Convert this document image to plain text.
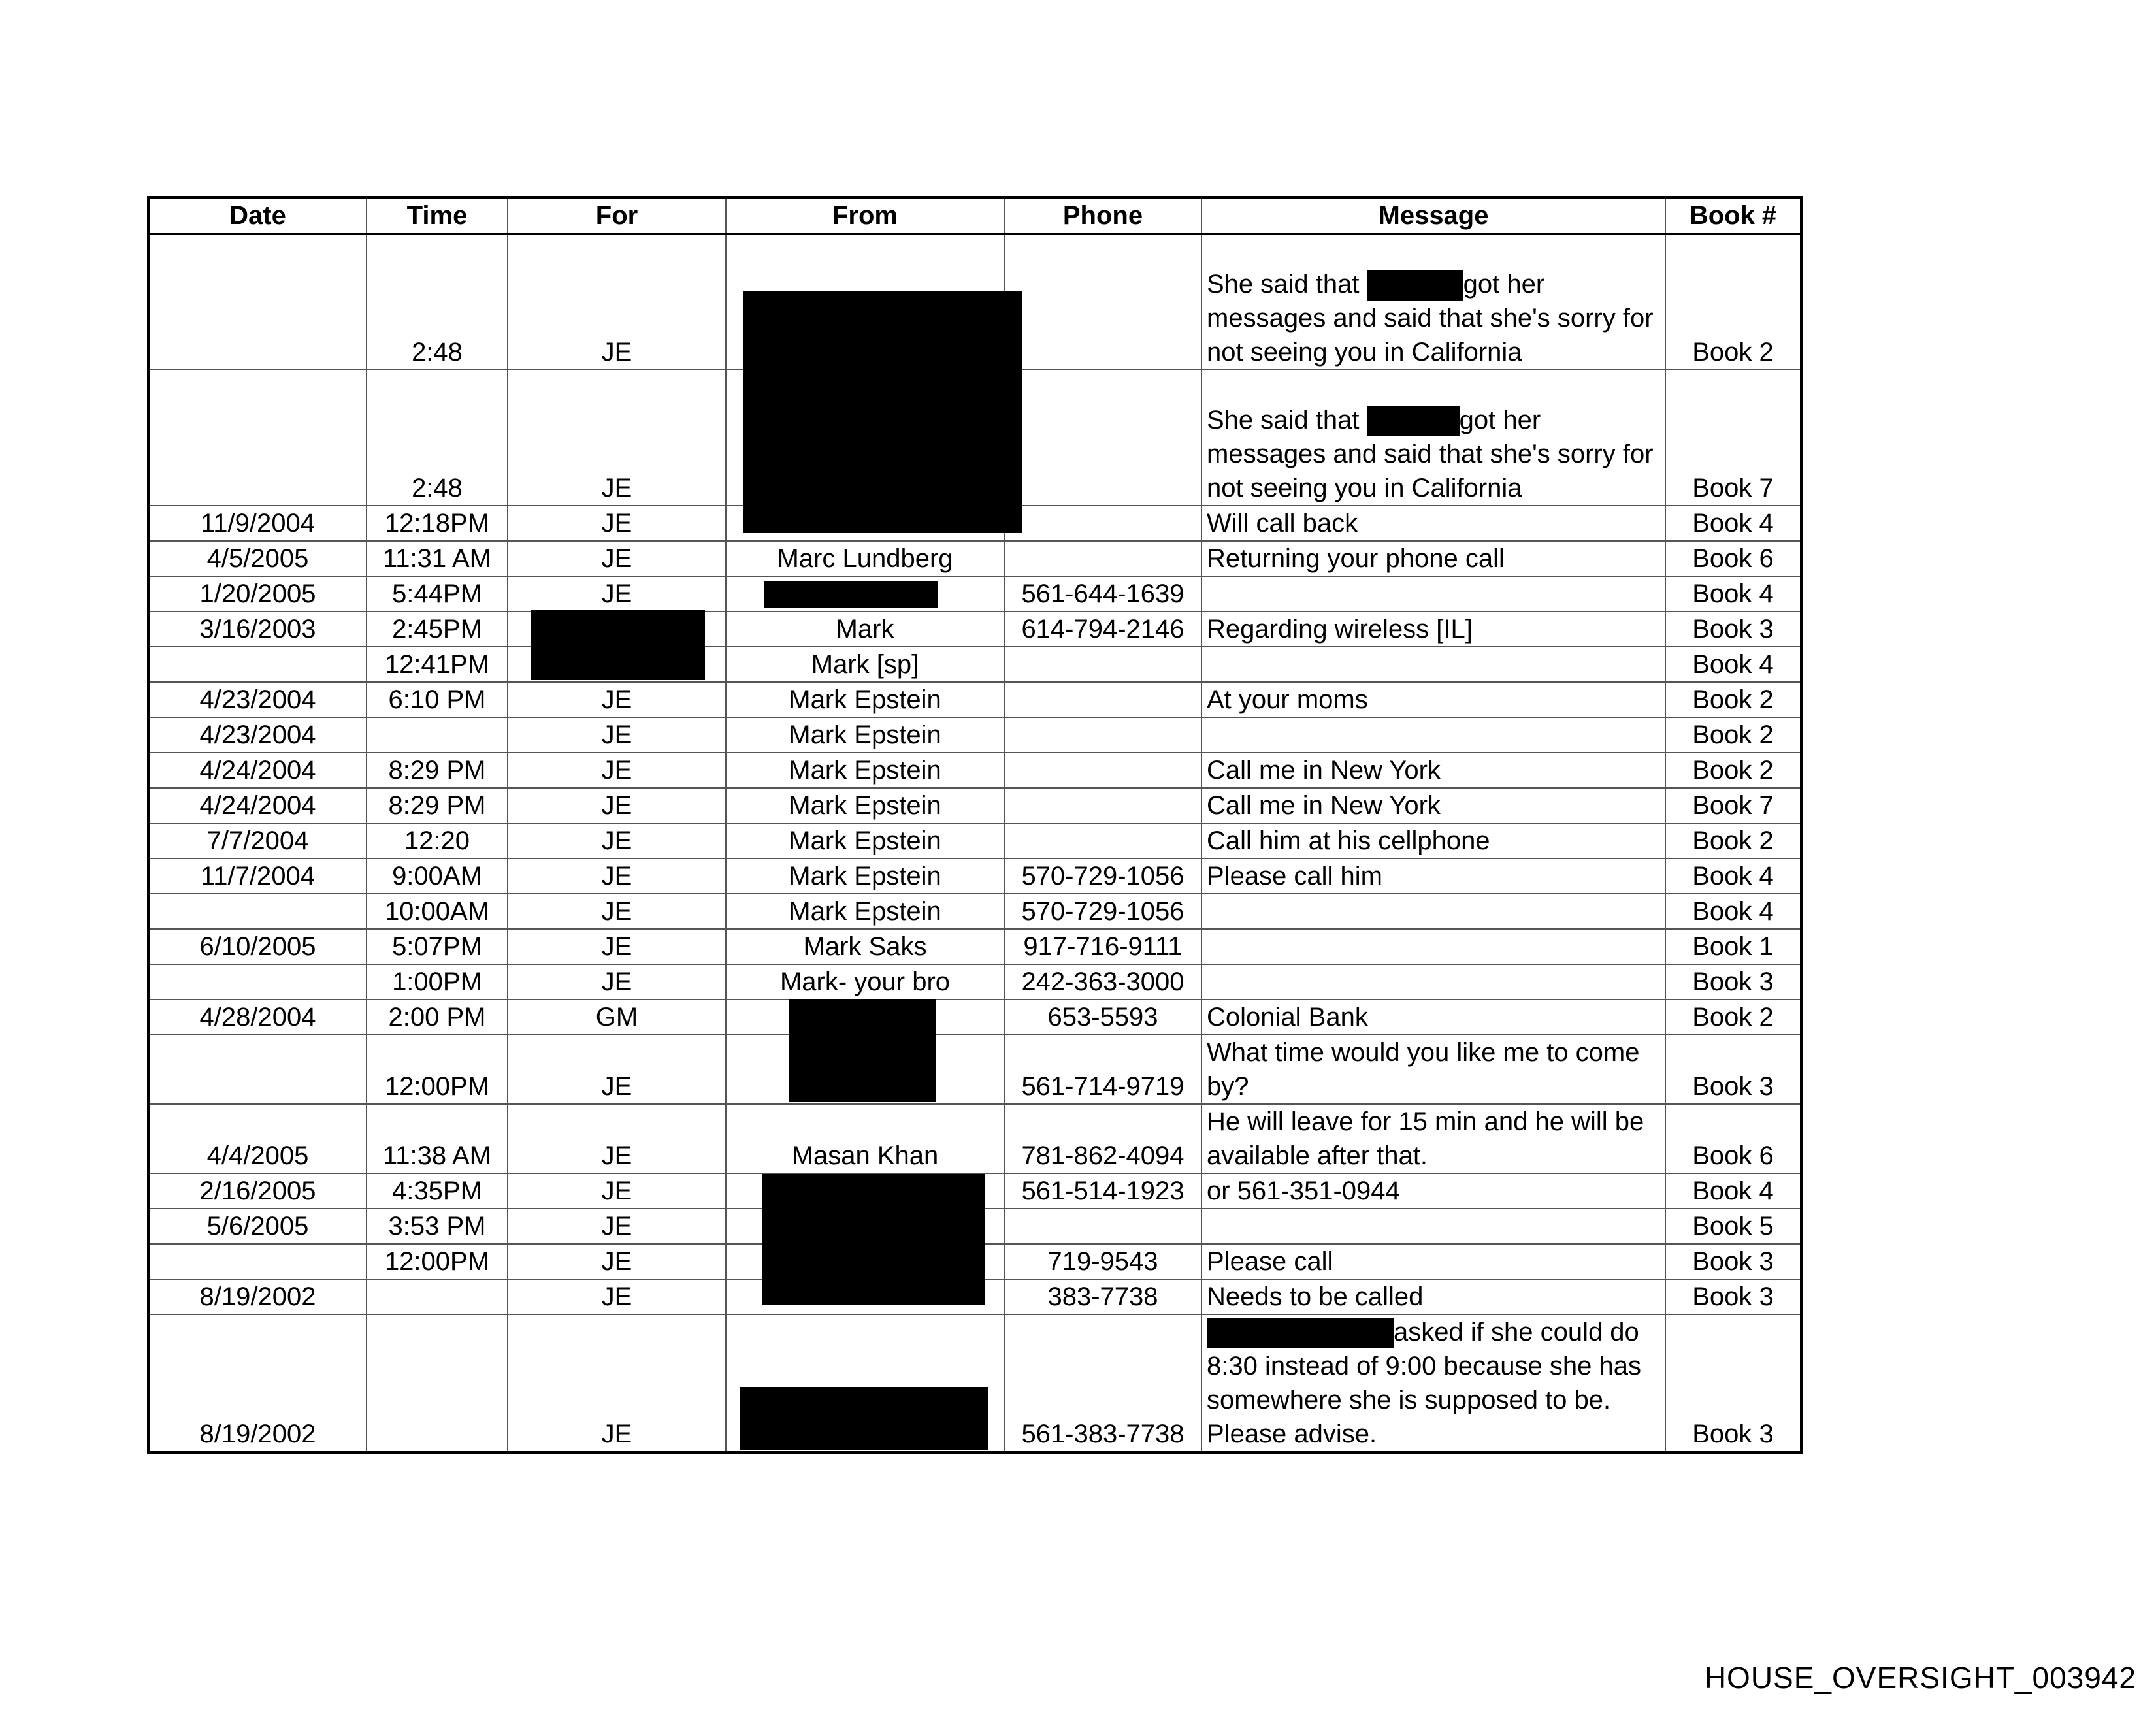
Date	Time	For	From	Phone	Message	Book #
	2:48	JE			She said that got her messages and said that she's sorry for not seeing you in California	Book 2
	2:48	JE			She said that got her messages and said that she's sorry for not seeing you in California	Book 7
11/9/2004	12:18PM	JE			Will call back	Book 4
4/5/2005	11:31 AM	JE	Marc Lundberg		Returning your phone call	Book 6
1/20/2005	5:44PM	JE		561-644-1639		Book 4
3/16/2003	2:45PM		Mark	614-794-2146	Regarding wireless [IL]	Book 3
	12:41PM		Mark [sp]			Book 4
4/23/2004	6:10 PM	JE	Mark Epstein		At your moms	Book 2
4/23/2004		JE	Mark Epstein			Book 2
4/24/2004	8:29 PM	JE	Mark Epstein		Call me in New York	Book 2
4/24/2004	8:29 PM	JE	Mark Epstein		Call me in New York	Book 7
7/7/2004	12:20	JE	Mark Epstein		Call him at his cellphone	Book 2
11/7/2004	9:00AM	JE	Mark Epstein	570-729-1056	Please call him	Book 4
	10:00AM	JE	Mark Epstein	570-729-1056		Book 4
6/10/2005	5:07PM	JE	Mark Saks	917-716-9111		Book 1
	1:00PM	JE	Mark- your bro	242-363-3000		Book 3
4/28/2004	2:00 PM	GM		653-5593	Colonial Bank	Book 2
	12:00PM	JE		561-714-9719	What time would you like me to come by?	Book 3
4/4/2005	11:38 AM	JE	Masan Khan	781-862-4094	He will leave for 15 min and he will be available after that.	Book 6
2/16/2005	4:35PM	JE		561-514-1923	or 561-351-0944	Book 4
5/6/2005	3:53 PM	JE				Book 5
	12:00PM	JE		719-9543	Please call	Book 3
8/19/2002		JE		383-7738	Needs to be called	Book 3
8/19/2002		JE		561-383-7738	asked if she could do 8:30 instead of 9:00 because she has somewhere she is supposed to be. Please advise.	Book 3
HOUSE_OVERSIGHT_003942
